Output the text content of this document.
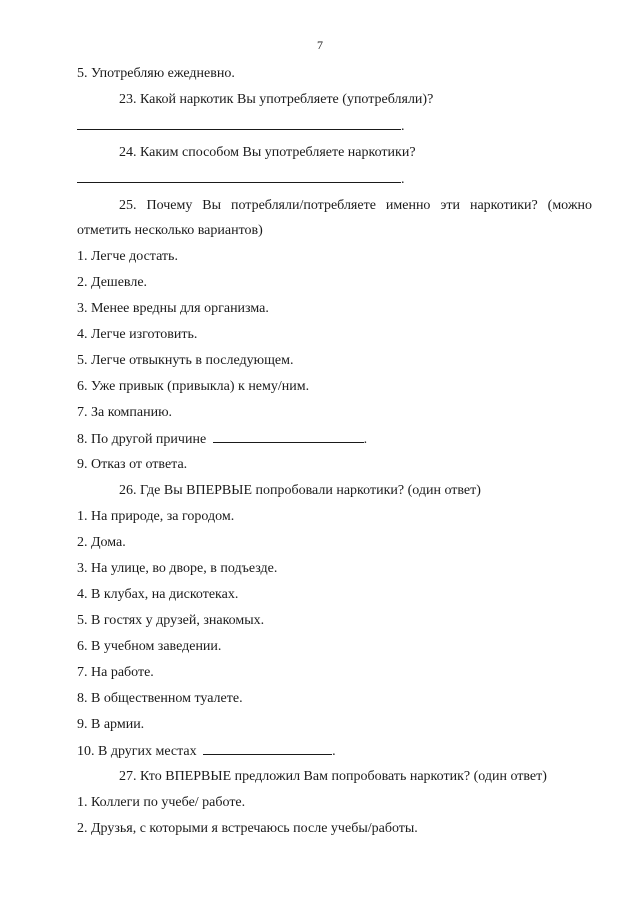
7
5. Употребляю ежедневно.
23. Какой наркотик Вы употребляете (употребляли)?
.
24. Каким способом Вы употребляете наркотики?
.
25. Почему Вы потребляли/потребляете именно эти наркотики? (можно
отметить несколько вариантов)
1. Легче достать.
2. Дешевле.
3. Менее вредны для организма.
4. Легче изготовить.
5. Легче отвыкнуть в последующем.
6. Уже привык (привыкла) к нему/ним.
7. За компанию.
8. По другой причине	.
9. Отказ от ответа.
26. Где Вы ВПЕРВЫЕ попробовали наркотики? (один ответ)
1. На природе, за городом.
2. Дома.
3. На улице, во дворе, в подъезде.
4. В клубах, на дискотеках.
5. В гостях у друзей, знакомых.
6. В учебном заведении.
7. На работе.
8. В общественном туалете.
9. В армии.
10. В других местах	.
27. Кто ВПЕРВЫЕ предложил Вам попробовать наркотик? (один ответ)
1. Коллеги по учебе/ работе.
2. Друзья, с которыми я встречаюсь после учебы/работы.
